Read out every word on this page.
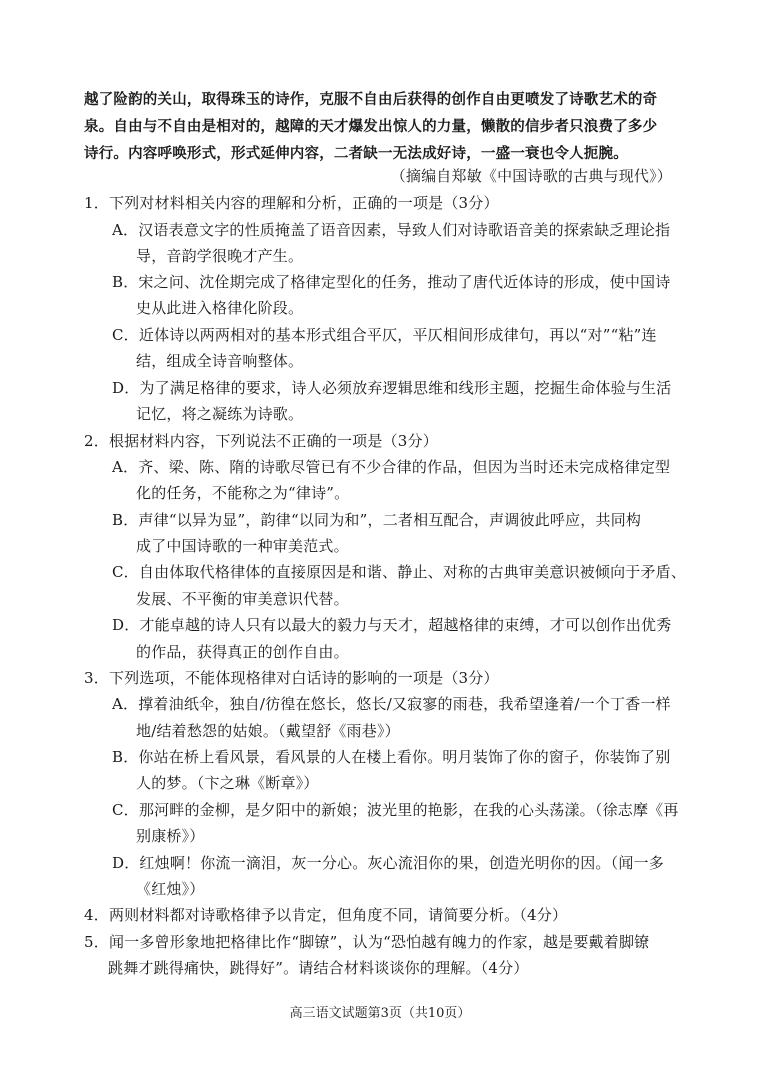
越了险韵的关山，取得珠玉的诗作，克服不自由后获得的创作自由更喷发了诗歌艺术的奇
泉。自由与不自由是相对的，越障的天才爆发出惊人的力量，懒散的信步者只浪费了多少
诗行。内容呼唤形式，形式延伸内容，二者缺一无法成好诗，一盛一衰也令人扼腕。
（摘编自郑敏《中国诗歌的古典与现代》）
1．下列对材料相关内容的理解和分析，正确的一项是（3分）
A．汉语表意文字的性质掩盖了语音因素，导致人们对诗歌语音美的探索缺乏理论指
导，音韵学很晚才产生。
B．宋之问、沈佺期完成了格律定型化的任务，推动了唐代近体诗的形成，使中国诗
史从此进入格律化阶段。
C．近体诗以两两相对的基本形式组合平仄，平仄相间形成律句，再以“对”“粘”连
结，组成全诗音响整体。
D．为了满足格律的要求，诗人必须放弃逻辑思维和线形主题，挖掘生命体验与生活
记忆，将之凝练为诗歌。
2．根据材料内容，下列说法不正确的一项是（3分）
A．齐、梁、陈、隋的诗歌尽管已有不少合律的作品，但因为当时还未完成格律定型
化的任务，不能称之为“律诗”。
B．声律“以异为显”，韵律“以同为和”，二者相互配合，声调彼此呼应，共同构
成了中国诗歌的一种审美范式。
C．自由体取代格律体的直接原因是和谐、静止、对称的古典审美意识被倾向于矛盾、
发展、不平衡的审美意识代替。
D．才能卓越的诗人只有以最大的毅力与天才，超越格律的束缚，才可以创作出优秀
的作品，获得真正的创作自由。
3．下列选项，不能体现格律对白话诗的影响的一项是（3分）
A．撑着油纸伞，独自/彷徨在悠长，悠长/又寂寥的雨巷，我希望逢着/一个丁香一样
地/结着愁怨的姑娘。（戴望舒《雨巷》）
B．你站在桥上看风景，看风景的人在楼上看你。明月装饰了你的窗子，你装饰了别
人的梦。（卞之琳《断章》）
C．那河畔的金柳，是夕阳中的新娘；波光里的艳影，在我的心头荡漾。（徐志摩《再
别康桥》）
D．红烛啊！你流一滴泪，灰一分心。灰心流泪你的果，创造光明你的因。（闻一多
《红烛》）
4．两则材料都对诗歌格律予以肯定，但角度不同，请简要分析。（4分）
5．闻一多曾形象地把格律比作“脚镣”，认为“恐怕越有魄力的作家，越是要戴着脚镣
跳舞才跳得痛快，跳得好”。请结合材料谈谈你的理解。（4分）
高三语文试题第3页（共10页）
